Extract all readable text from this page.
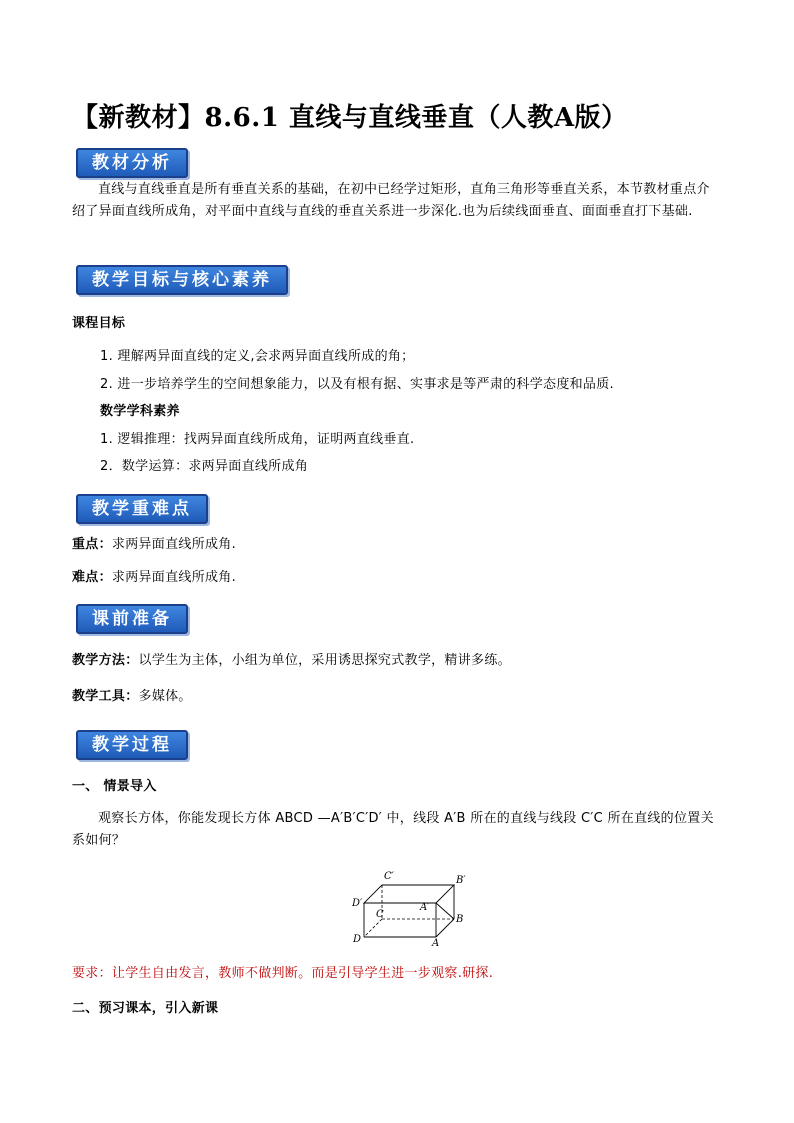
【新教材】8.6.1 直线与直线垂直（人教A版）
教材分析
直线与直线垂直是所有垂直关系的基础，在初中已经学过矩形，直角三角形等垂直关系，本节教材重点介绍了异面直线所成角，对平面中直线与直线的垂直关系进一步深化.也为后续线面垂直、面面垂直打下基础.
教学目标与核心素养
课程目标
1. 理解两异面直线的定义,会求两异面直线所成的角；
2. 进一步培养学生的空间想象能力，以及有根有据、实事求是等严肃的科学态度和品质.
数学学科素养
1. 逻辑推理：找两异面直线所成角，证明两直线垂直.
2．数学运算：求两异面直线所成角
教学重难点
重点：求两异面直线所成角.
难点：求两异面直线所成角.
课前准备
教学方法：以学生为主体，小组为单位，采用诱思探究式教学，精讲多练。
教学工具：多媒体。
教学过程
一、 情景导入
观察长方体，你能发现长方体 ABCD —A′B′C′D′ 中，线段 A′B 所在的直线与线段 C′C 所在直线的位置关系如何？
C′	B′
D′	A′
C	B
D	A
要求：让学生自由发言，教师不做判断。而是引导学生进一步观察.研探.
二、预习课本，引入新课
